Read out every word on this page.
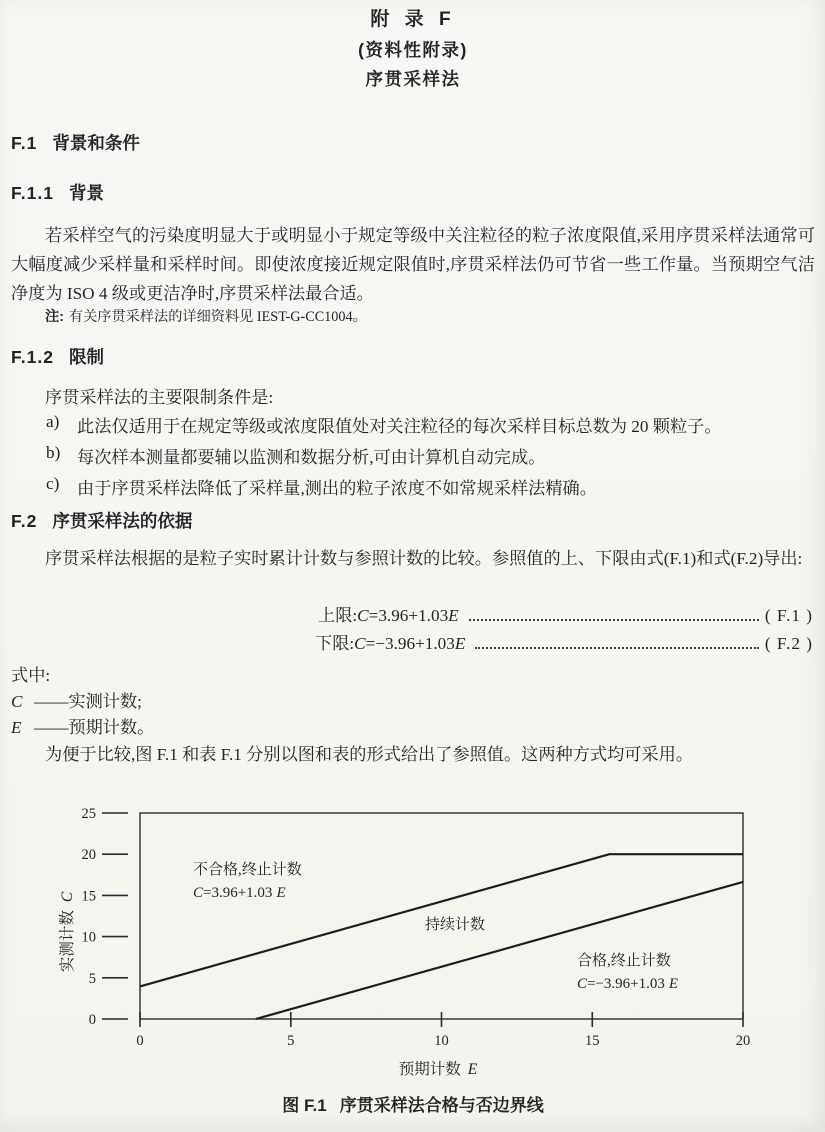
附 录 F
(资料性附录)
序贯采样法
F.1 背景和条件
F.1.1 背景
若采样空气的污染度明显大于或明显小于规定等级中关注粒径的粒子浓度限值,采用序贯采样法通常可大幅度减少采样量和采样时间。即使浓度接近规定限值时,序贯采样法仍可节省一些工作量。当预期空气洁净度为 ISO 4 级或更洁净时,序贯采样法最合适。
注: 有关序贯采样法的详细资料见 IEST-G-CC1004。
F.1.2 限制
序贯采样法的主要限制条件是:
a)	此法仅适用于在规定等级或浓度限值处对关注粒径的每次采样目标总数为 20 颗粒子。
b) 每次样本测量都要辅以监测和数据分析,可由计算机自动完成。
c)	由于序贯采样法降低了采样量,测出的粒子浓度不如常规采样法精确。
F.2 序贯采样法的依据
序贯采样法根据的是粒子实时累计计数与参照计数的比较。参照值的上、下限由式(F.1)和式(F.2)导出:
上限: C =3.96+1.03 E	( F.1 )
下限: C =−3.96+1.03 E	( F.2 )
式中:
C ——实测计数;
E ——预期计数。
为便于比较,图 F.1 和表 F.1 分别以图和表的形式给出了参照值。这两种方式均可采用。
0
5
10
15
20
25
0	5	10	15	20
不合格,终止计数
C=3.96+1.03 E
持续计数
合格,终止计数
C=−3.96+1.03 E
实测计数C
预期计数 E
图 F.1 序贯采样法合格与否边界线
